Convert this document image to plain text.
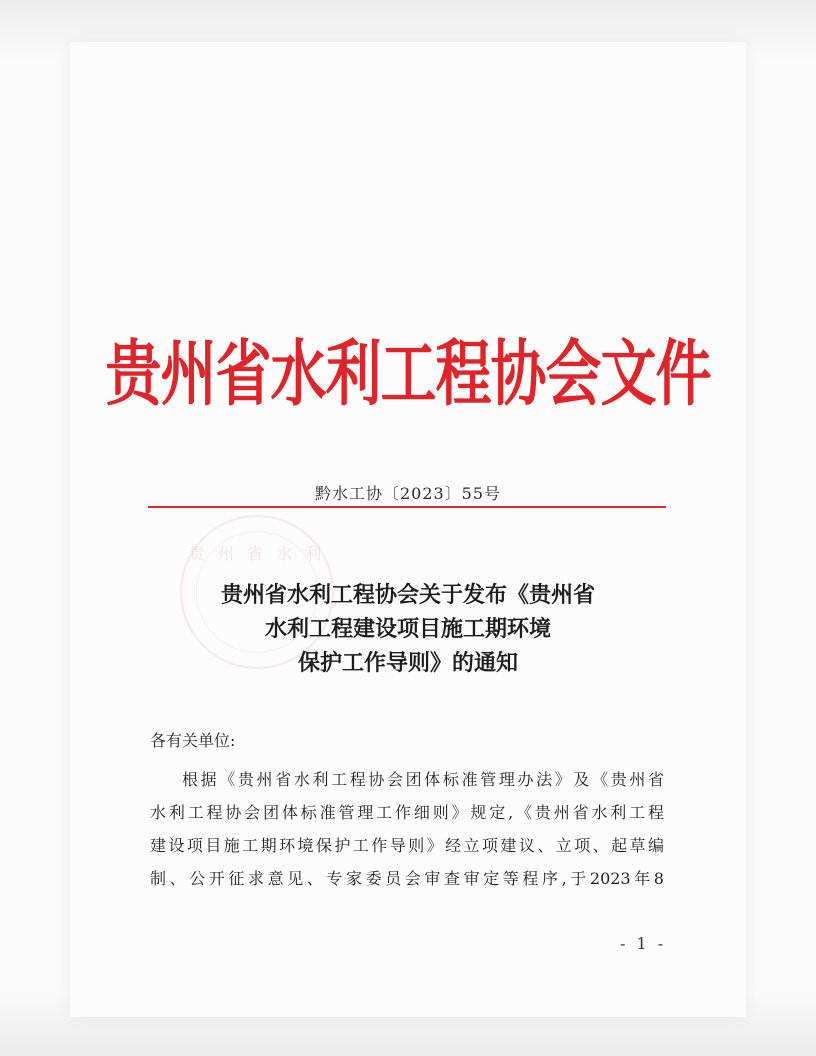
贵州省水利工程协会文件
黔水工协〔2023〕55号
贵 州 省 水 利
贵州省水利工程协会关于发布《贵州省
水利工程建设项目施工期环境
保护工作导则》的通知
各有关单位:
根据《贵州省水利工程协会团体标准管理办法》及《贵州省
水利工程协会团体标准管理工作细则》规定,《贵州省水利工程
建设项目施工期环境保护工作导则》经立项建议、立项、起草编
制、公开征求意见、专家委员会审查审定等程序,于2023年8
- 1 -
